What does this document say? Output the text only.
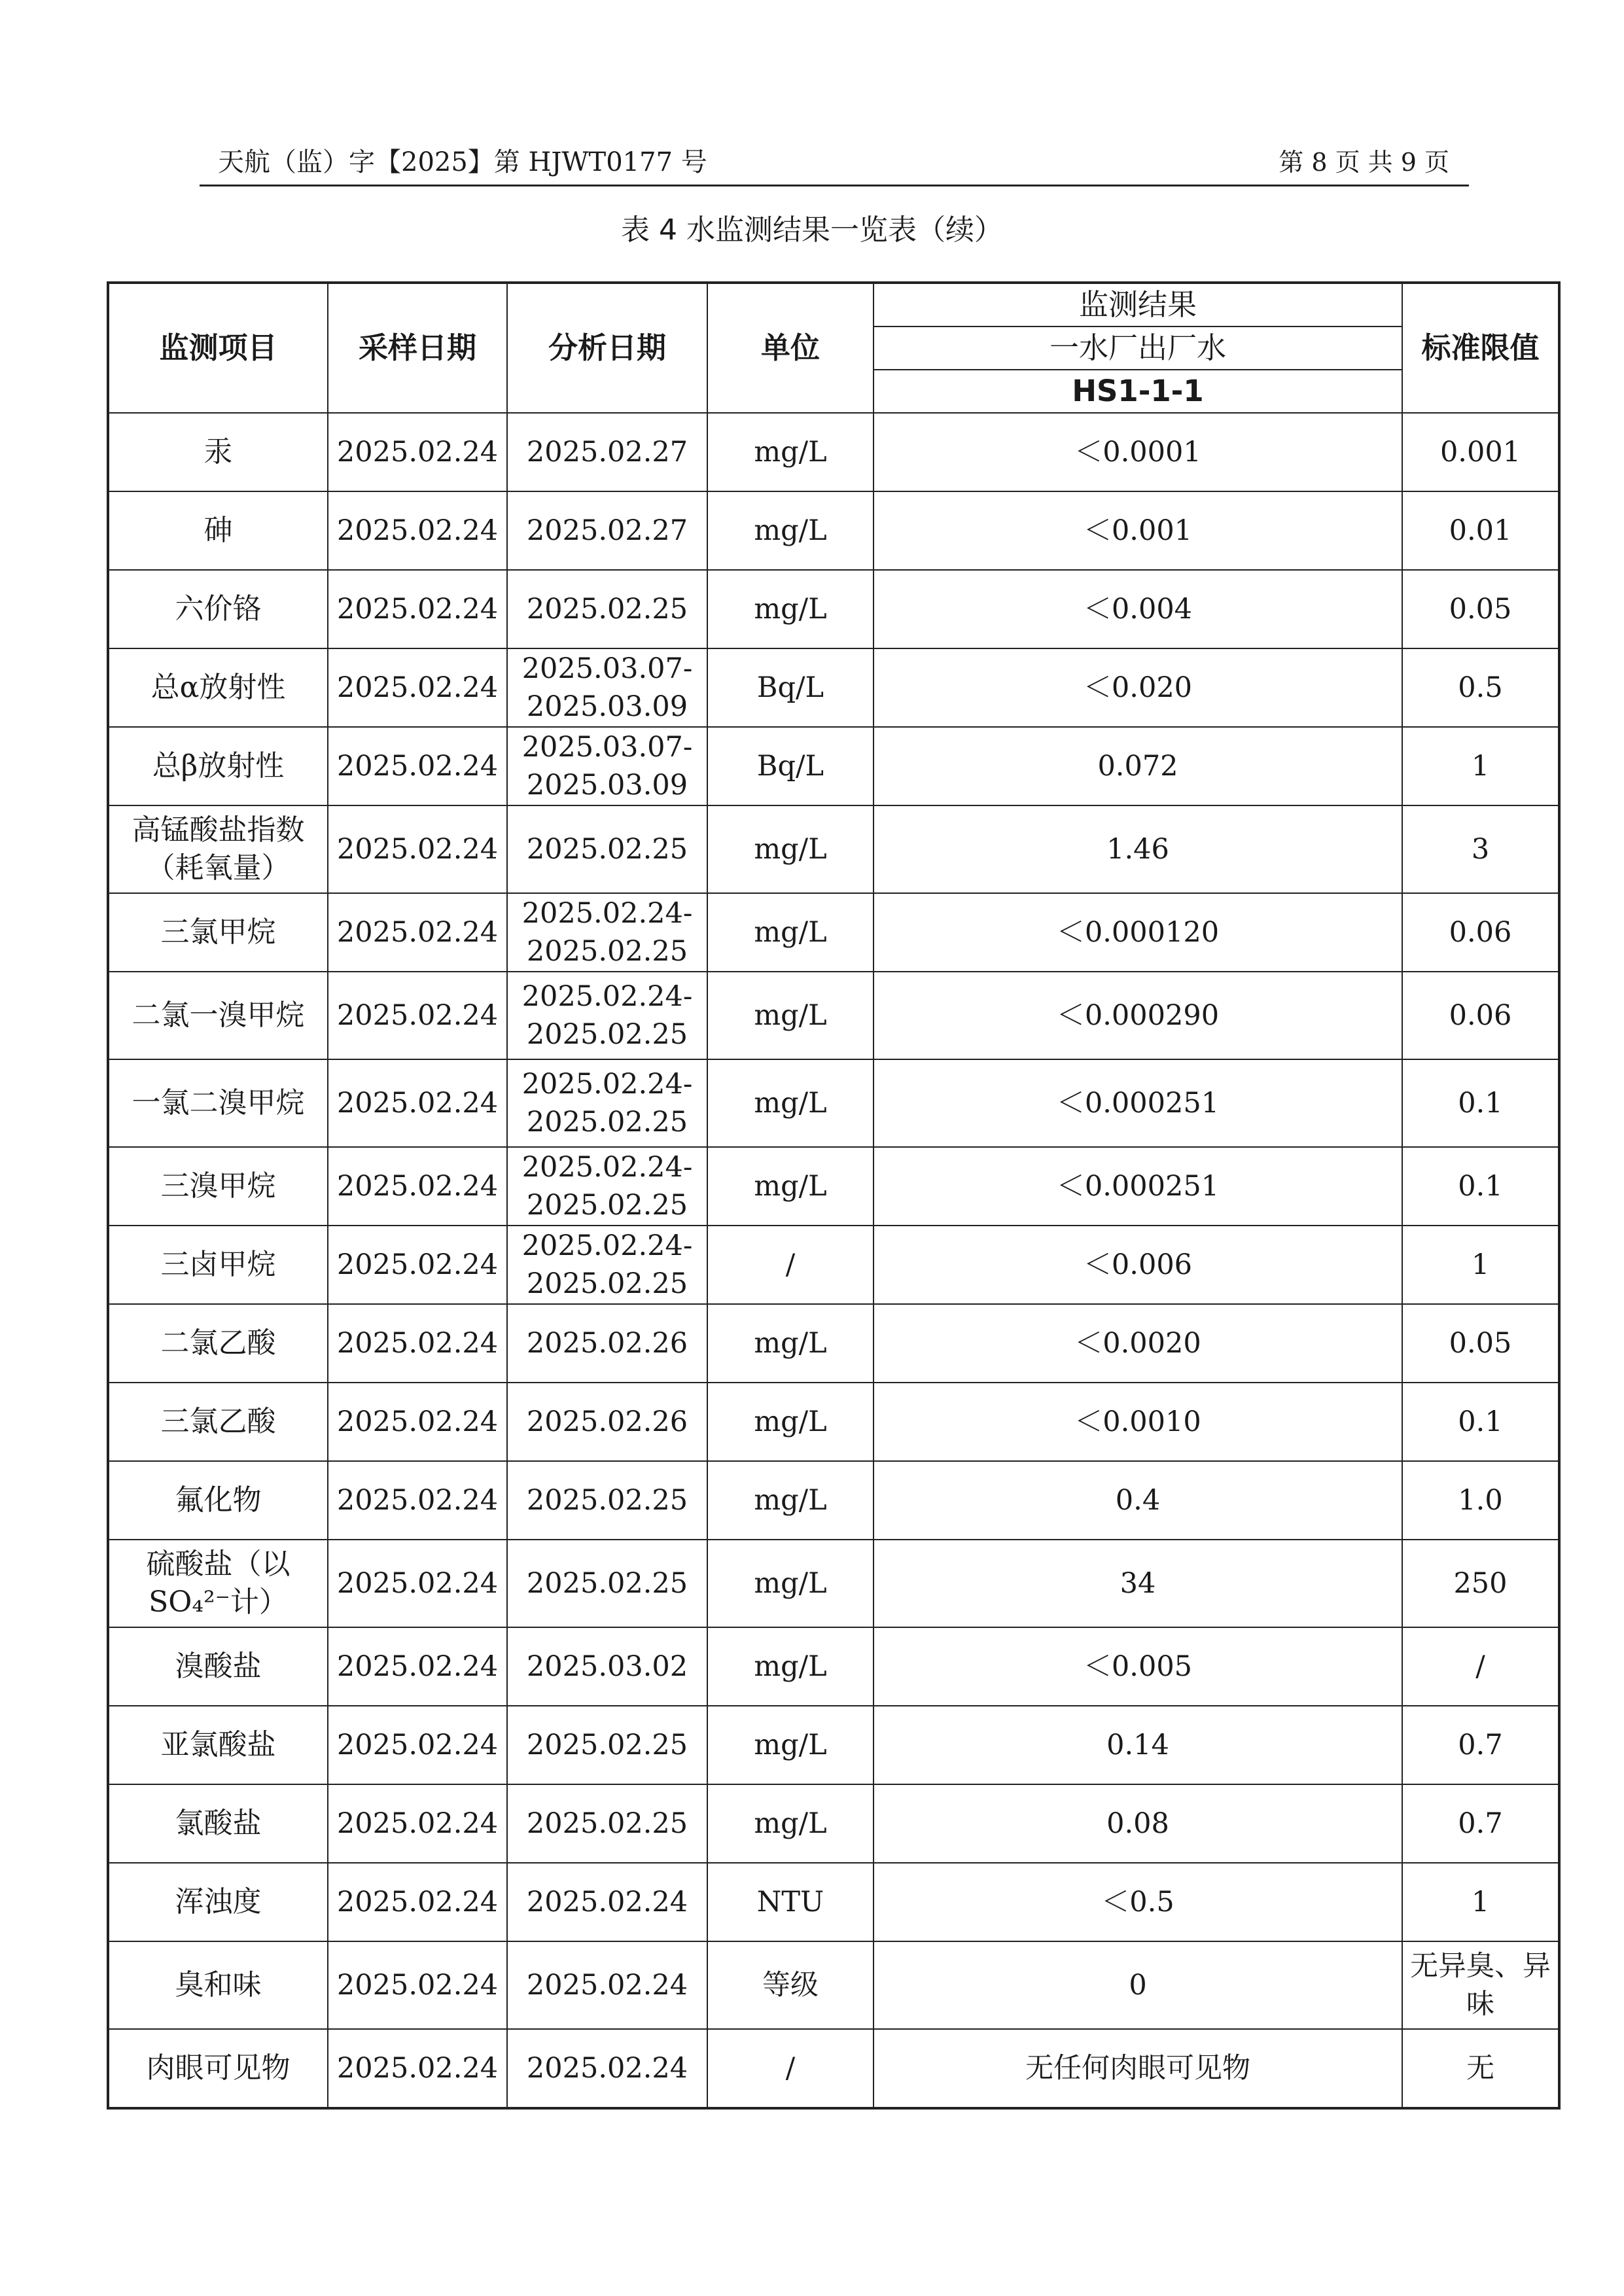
天航（监）字【2025】第 HJWT0177 号	第 8 页 共 9 页
表 4 水监测结果一览表（续）
监测项目	采样日期	分析日期	单位	监测结果	标准限值
				一水厂出厂水	
				HS1-1-1	
汞	2025.02.24	2025.02.27	mg/L	＜0.0001	0.001
砷	2025.02.24	2025.02.27	mg/L	＜0.001	0.01
六价铬	2025.02.24	2025.02.25	mg/L	＜0.004	0.05
总α放射性	2025.02.24	2025.03.07-2025.03.09	Bq/L	＜0.020	0.5
总β放射性	2025.02.24	2025.03.07-2025.03.09	Bq/L	0.072	1
高锰酸盐指数（耗氧量）	2025.02.24	2025.02.25	mg/L	1.46	3
三氯甲烷	2025.02.24	2025.02.24-2025.02.25	mg/L	＜0.000120	0.06
二氯一溴甲烷	2025.02.24	2025.02.24-2025.02.25	mg/L	＜0.000290	0.06
一氯二溴甲烷	2025.02.24	2025.02.24-2025.02.25	mg/L	＜0.000251	0.1
三溴甲烷	2025.02.24	2025.02.24-2025.02.25	mg/L	＜0.000251	0.1
三卤甲烷	2025.02.24	2025.02.24-2025.02.25	/	＜0.006	1
二氯乙酸	2025.02.24	2025.02.26	mg/L	＜0.0020	0.05
三氯乙酸	2025.02.24	2025.02.26	mg/L	＜0.0010	0.1
氟化物	2025.02.24	2025.02.25	mg/L	0.4	1.0
硫酸盐（以SO₄²⁻计）	2025.02.24	2025.02.25	mg/L	34	250
溴酸盐	2025.02.24	2025.03.02	mg/L	＜0.005	/
亚氯酸盐	2025.02.24	2025.02.25	mg/L	0.14	0.7
氯酸盐	2025.02.24	2025.02.25	mg/L	0.08	0.7
浑浊度	2025.02.24	2025.02.24	NTU	＜0.5	1
臭和味	2025.02.24	2025.02.24	等级	0	无异臭、异味
肉眼可见物	2025.02.24	2025.02.24	/	无任何肉眼可见物	无
